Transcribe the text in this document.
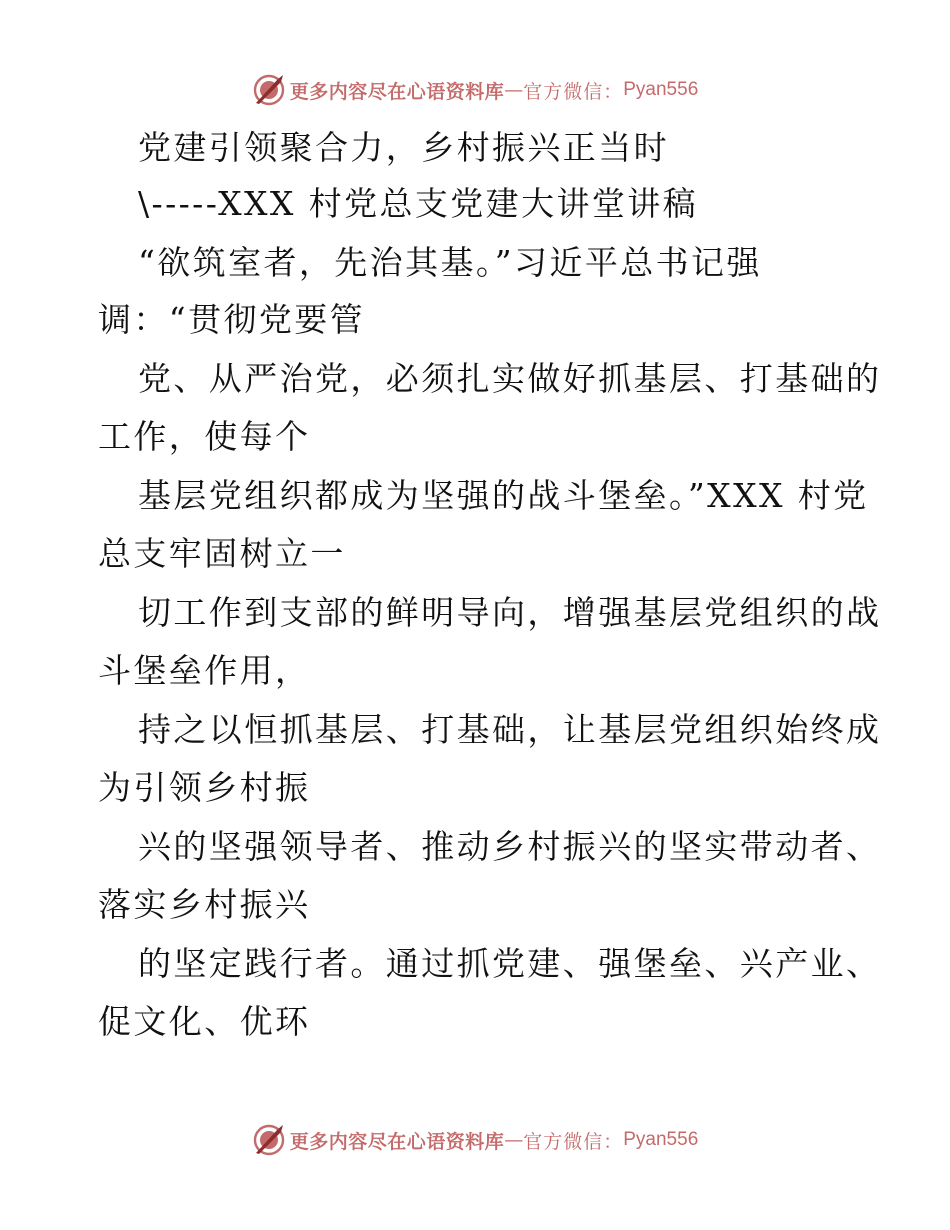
更多内容尽在心语资料库 — 官方微信： Pyan556
党建引领聚合力，乡村振兴正当时
\-----XXX 村党总支党建大讲堂讲稿
“欲筑室者，先治其基。”习近平总书记强
调：“贯彻党要管
党、从严治党，必须扎实做好抓基层、打基础的
工作，使每个
基层党组织都成为坚强的战斗堡垒。”XXX 村党
总支牢固树立一
切工作到支部的鲜明导向，增强基层党组织的战
斗堡垒作用，
持之以恒抓基层、打基础，让基层党组织始终成
为引领乡村振
兴的坚强领导者、推动乡村振兴的坚实带动者、
落实乡村振兴
的坚定践行者。通过抓党建、强堡垒、兴产业、
促文化、优环
更多内容尽在心语资料库 — 官方微信： Pyan556
